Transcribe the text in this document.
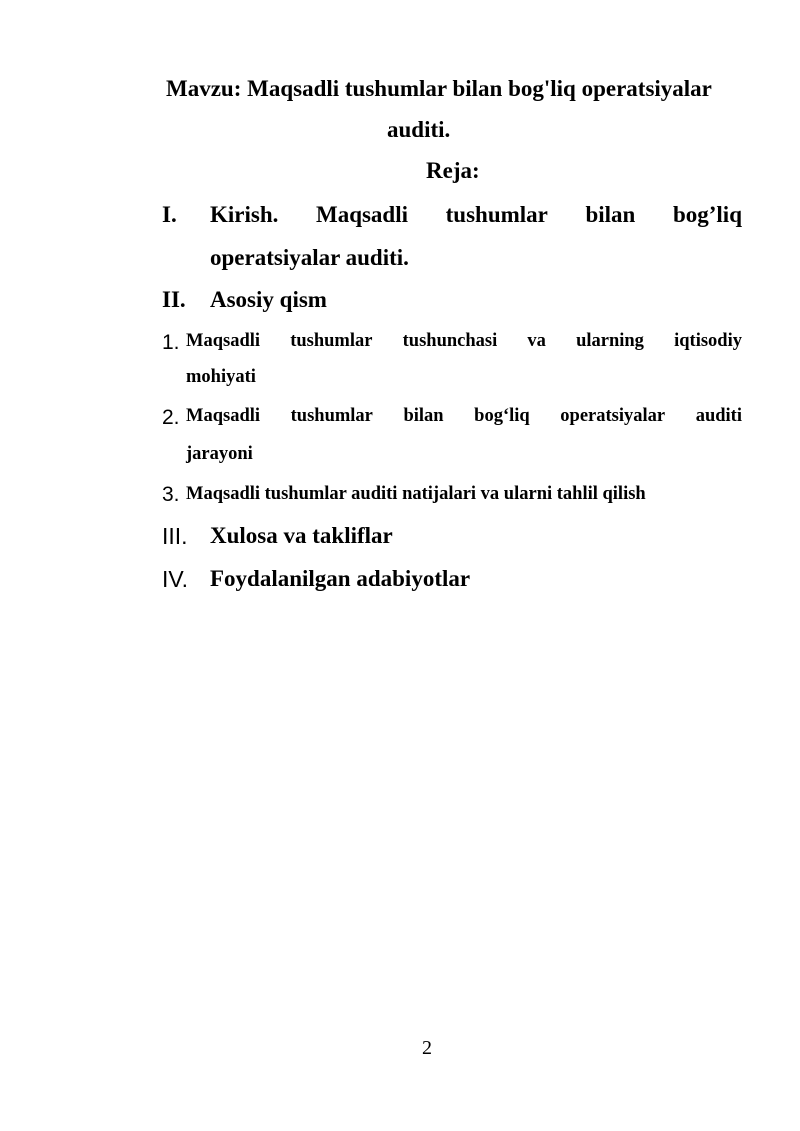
Mavzu: Maqsadli tushumlar bilan bog'liq operatsiyalar
auditi.
Reja:
I. Kirish. Maqsadli tushumlar bilan bog’liq
operatsiyalar auditi.
II. Asosiy qism
1. Maqsadli tushumlar tushunchasi va ularning iqtisodiy
mohiyati
2. Maqsadli tushumlar bilan bog‘liq operatsiyalar auditi
jarayoni
3. Maqsadli tushumlar auditi natijalari va ularni tahlil qilish
III. Xulosa va takliflar
IV. Foydalanilgan adabiyotlar
2
